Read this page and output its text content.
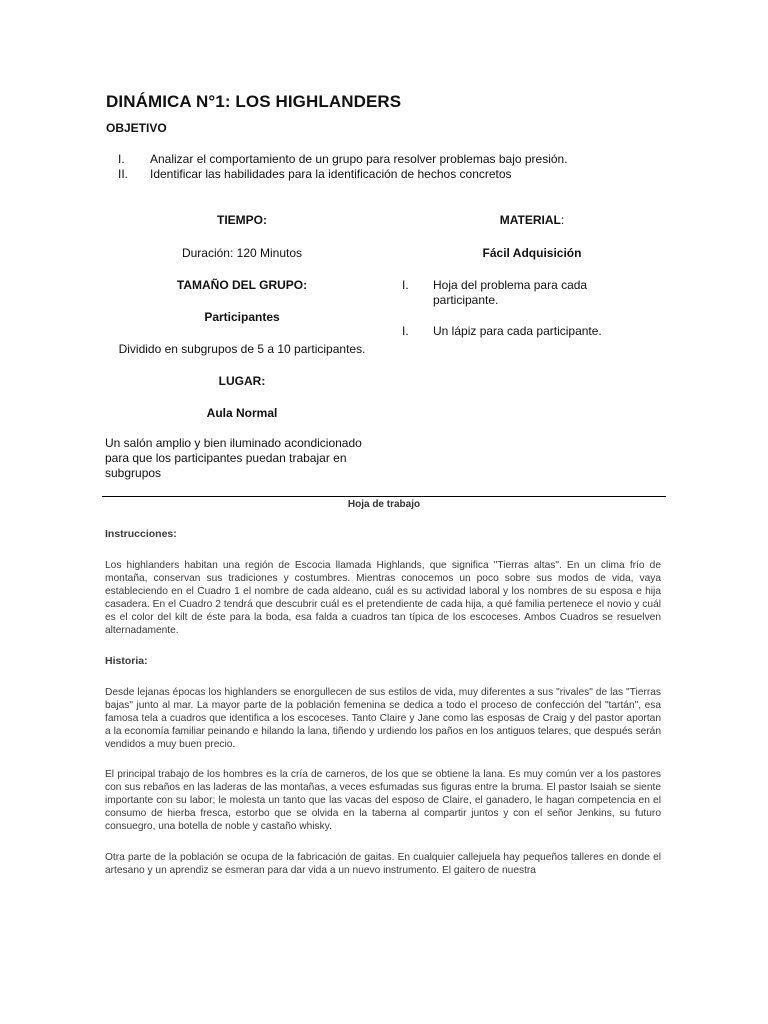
DINÁMICA N°1: LOS HIGHLANDERS
OBJETIVO
I.	Analizar el comportamiento de un grupo para resolver problemas bajo presión.
II.	Identificar las habilidades para la identificación de hechos concretos
TIEMPO:
Duración: 120 Minutos
TAMAÑO DEL GRUPO:
Participantes
Dividido en subgrupos de 5 a 10 participantes.
LUGAR:
Aula Normal
Un salón amplio y bien iluminado acondicionado para que los participantes puedan trabajar en subgrupos
MATERIAL:
Fácil Adquisición
I. Hoja del problema para cada participante.
I. Un lápiz para cada participante.
Hoja de trabajo
Instrucciones:
Los highlanders habitan una región de Escocia llamada Highlands, que significa "Tierras altas". En un clima frío de montaña, conservan sus tradiciones y costumbres. Mientras conocemos un poco sobre sus modos de vida, vaya estableciendo en el Cuadro 1 el nombre de cada aldeano, cuál es su actividad laboral y los nombres de su esposa e hija casadera. En el Cuadro 2 tendrá que descubrir cuál es el pretendiente de cada hija, a qué familia pertenece el novio y cuál es el color del kilt de éste para la boda, esa falda a cuadros tan típica de los escoceses. Ambos Cuadros se resuelven alternadamente.
Historia:
Desde lejanas épocas los highlanders se enorgullecen de sus estilos de vida, muy diferentes a sus "rivales" de las "Tierras bajas" junto al mar. La mayor parte de la población femenina se dedica a todo el proceso de confección del "tartán", esa famosa tela a cuadros que identifica a los escoceses. Tanto Claire y Jane como las esposas de Craig y del pastor aportan a la economía familiar peinando e hilando la lana, tiñendo y urdiendo los paños en los antiguos telares, que después serán vendidos a muy buen precio.
El principal trabajo de los hombres es la cría de carneros, de los que se obtiene la lana. Es muy común ver a los pastores con sus rebaños en las laderas de las montañas, a veces esfumadas sus figuras entre la bruma. El pastor Isaiah se siente importante con su labor; le molesta un tanto que las vacas del esposo de Claire, el ganadero, le hagan competencia en el consumo de hierba fresca, estorbo que se olvida en la taberna al compartir juntos y con el señor Jenkins, su futuro consuegro, una botella de noble y castaño whisky.
Otra parte de la población se ocupa de la fabricación de gaitas. En cualquier callejuela hay pequeños talleres en donde el artesano y un aprendiz se esmeran para dar vida a un nuevo instrumento. El gaitero de nuestra
